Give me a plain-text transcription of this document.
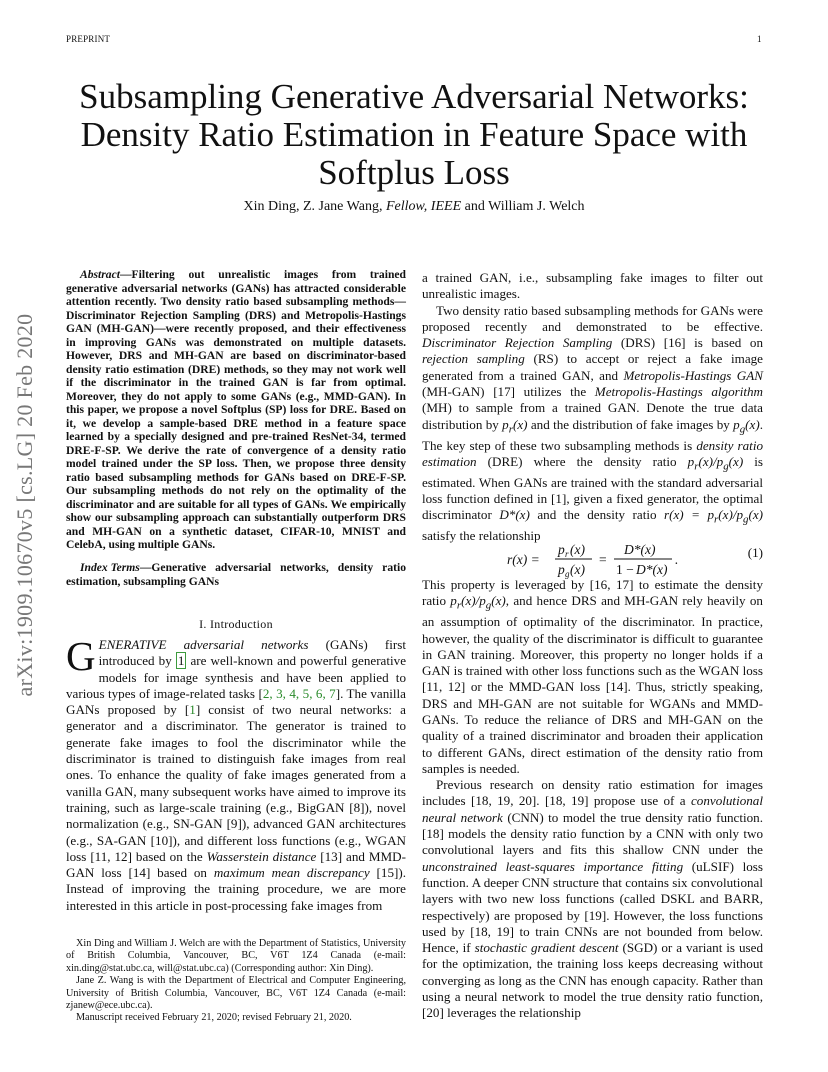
PREPRINT	1
Subsampling Generative Adversarial Networks: Density Ratio Estimation in Feature Space with Softplus Loss
Xin Ding, Z. Jane Wang, Fellow, IEEE and William J. Welch
arXiv:1909.10670v5 [cs.LG] 20 Feb 2020
Abstract—Filtering out unrealistic images from trained generative adversarial networks (GANs) has attracted considerable attention recently. Two density ratio based subsampling methods—Discriminator Rejection Sampling (DRS) and Metropolis-Hastings GAN (MH-GAN)—were recently proposed, and their effectiveness in improving GANs was demonstrated on multiple datasets. However, DRS and MH-GAN are based on discriminator-based density ratio estimation (DRE) methods, so they may not work well if the discriminator in the trained GAN is far from optimal. Moreover, they do not apply to some GANs (e.g., MMD-GAN). In this paper, we propose a novel Softplus (SP) loss for DRE. Based on it, we develop a sample-based DRE method in a feature space learned by a specially designed and pre-trained ResNet-34, termed DRE-F-SP. We derive the rate of convergence of a density ratio model trained under the SP loss. Then, we propose three density ratio based subsampling methods for GANs based on DRE-F-SP. Our subsampling methods do not rely on the optimality of the discriminator and are suitable for all types of GANs. We empirically show our subsampling approach can substantially outperform DRS and MH-GAN on a synthetic dataset, CIFAR-10, MNIST and CelebA, using multiple GANs.
Index Terms—Generative adversarial networks, density ratio estimation, subsampling GANs
I. Introduction

GENERATIVE adversarial networks (GANs) first introduced by 1 are well-known and powerful generative models for image synthesis and have been applied to various types of image-related tasks [2, 3, 4, 5, 6, 7]. The vanilla GANs proposed by [1] consist of two neural networks: a generator and a discriminator. The generator is trained to generate fake images to fool the discriminator while the discriminator is trained to distinguish fake images from real ones. To enhance the quality of fake images generated from a vanilla GAN, many subsequent works have aimed to improve its training, such as large-scale training (e.g., BigGAN [8]), novel normalization (e.g., SN-GAN [9]), advanced GAN architectures (e.g., SA-GAN [10]), and different loss functions (e.g., WGAN loss [11, 12] based on the Wasserstein distance [13] and MMD-GAN loss [14] based on maximum mean discrepancy [15]). Instead of improving the training procedure, we are more interested in this article in post-processing fake images from

Xin Ding and William J. Welch are with the Department of Statistics, University of British Columbia, Vancouver, BC, V6T 1Z4 Canada (e-mail: xin.ding@stat.ubc.ca, will@stat.ubc.ca) (Corresponding author: Xin Ding).

Jane Z. Wang is with the Department of Electrical and Computer Engineering, University of British Columbia, Vancouver, BC, V6T 1Z4 Canada (e-mail: zjanew@ece.ubc.ca).

Manuscript received February 21, 2020; revised February 21, 2020.

a trained GAN, i.e., subsampling fake images to filter out unrealistic images.

Two density ratio based subsampling methods for GANs were proposed recently and demonstrated to be effective. Discriminator Rejection Sampling (DRS) [16] is based on rejection sampling (RS) to accept or reject a fake image generated from a trained GAN, and Metropolis-Hastings GAN (MH-GAN) [17] utilizes the Metropolis-Hastings algorithm (MH) to sample from a trained GAN. Denote the true data distribution by $p_r(x)$ and the distribution of fake images by $p_g(x)$. The key step of these two subsampling methods is density ratio estimation (DRE) where the density ratio $p_r(x)/p_g(x)$ is estimated. When GANs are trained with the standard adversarial loss function defined in [1], given a fixed generator, the optimal discriminator D*(x) and the density ratio $r(x) = p_r(x)/p_g(x)$ satisfy the relationship

r(x) =
p r (x)
p g (x)
=
D*(x)
1 − D*(x)
.	(1)

This property is leveraged by [16, 17] to estimate the density ratio $p_r(x)/p_g(x)$, and hence DRS and MH-GAN rely heavily on an assumption of optimality of the discriminator. In practice, however, the quality of the discriminator is difficult to guarantee in GAN training. Moreover, this property no longer holds if a GAN is trained with other loss functions such as the WGAN loss [11, 12] or the MMD-GAN loss [14]. Thus, strictly speaking, DRS and MH-GAN are not suitable for WGANs and MMD-GANs. To reduce the reliance of DRS and MH-GAN on the quality of a trained discriminator and broaden their application to different GANs, direct estimation of the density ratio from samples is needed.

Previous research on density ratio estimation for images includes [18, 19, 20]. [18, 19] propose use of a convolutional neural network (CNN) to model the true density ratio function. [18] models the density ratio function by a CNN with only two convolutional layers and fits this shallow CNN under the unconstrained least-squares importance fitting (uLSIF) loss function. A deeper CNN structure that contains six convolutional layers with two new loss functions (called DSKL and BARR, respectively) are proposed by [19]. However, the loss functions used by [18, 19] to train CNNs are not bounded from below. Hence, if stochastic gradient descent (SGD) or a variant is used for the optimization, the training loss keeps decreasing without converging as long as the CNN has enough capacity. Rather than using a neural network to model the true density ratio function, [20] leverages the relationship
